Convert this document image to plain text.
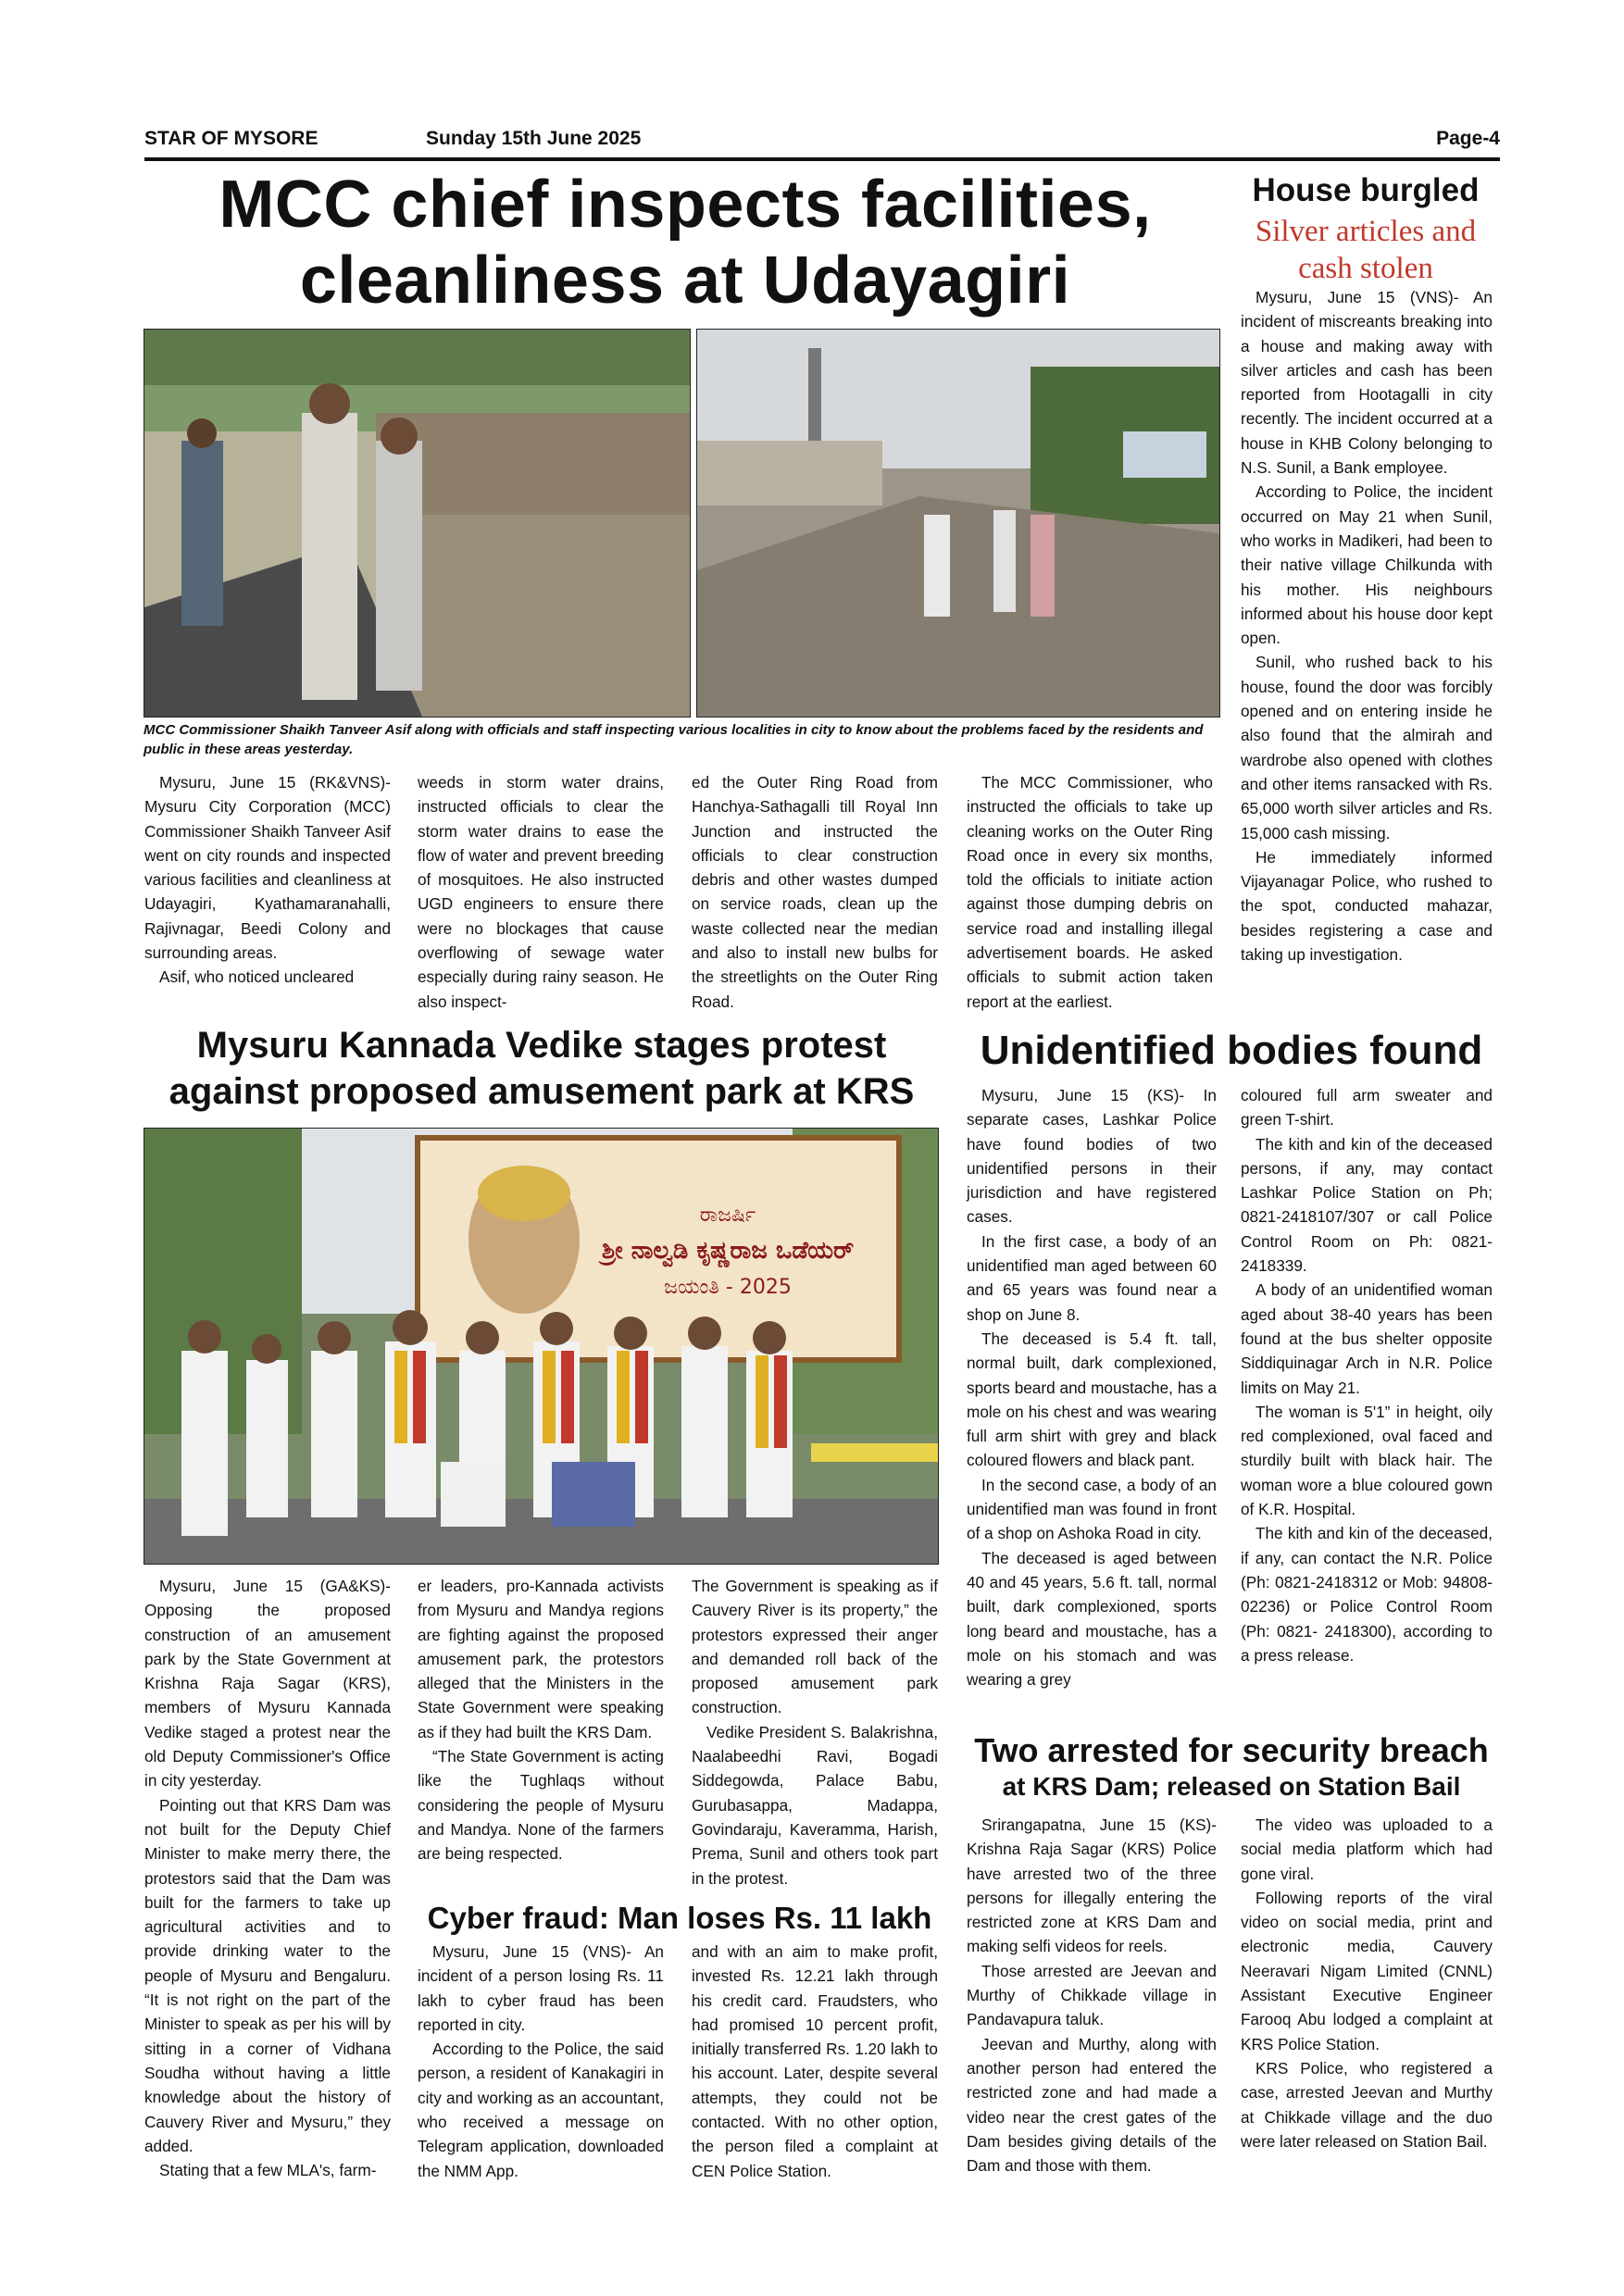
STAR OF MYSORE	Sunday 15th June 2025	Page-4
MCC chief inspects facilities,
cleanliness at Udayagiri
MCC Commissioner Shaikh Tanveer Asif along with officials and staff inspecting various localities in city to know about the problems faced by the residents and public in these areas yesterday.

Mysuru, June 15 (RK&VNS)- Mysuru City Corporation (MCC) Commissioner Shaikh Tanveer Asif went on city rounds and inspected various facilities and cleanliness at Udayagiri, Kyathamaranahalli, Rajivnagar, Beedi Colony and surrounding areas.

Asif, who noticed uncleared

weeds in storm water drains, instructed officials to clear the storm water drains to ease the flow of water and prevent breeding of mosquitoes. He also instructed UGD engineers to ensure there were no blockages that cause overflowing of sewage water especially during rainy season. He also inspect-

ed the Outer Ring Road from Hanchya-Sathagalli till Royal Inn Junction and instructed the officials to clear construction debris and other wastes dumped on service roads, clean up the waste collected near the median and also to install new bulbs for the streetlights on the Outer Ring Road.

The MCC Commissioner, who instructed the officials to take up cleaning works on the Outer Ring Road once in every six months, told the officials to initiate action against those dumping debris on service road and installing illegal advertisement boards. He asked officials to submit action taken report at the earliest.

House burgled
Silver articles and cash stolen

Mysuru, June 15 (VNS)- An incident of miscreants breaking into a house and making away with silver articles and cash has been reported from Hootagalli in city recently. The incident occurred at a house in KHB Colony belonging to N.S. Sunil, a Bank employee.

According to Police, the incident occurred on May 21 when Sunil, who works in Madikeri, had been to their native village Chilkunda with his mother. His neighbours informed about his house door kept open.

Sunil, who rushed back to his house, found the door was forcibly opened and on entering inside he also found that the almirah and wardrobe also opened with clothes and other items ransacked with Rs. 65,000 worth silver articles and Rs. 15,000 cash missing.

He immediately informed Vijayanagar Police, who rushed to the spot, conducted mahazar, besides registering a case and taking up investigation.

Mysuru Kannada Vedike stages protest
against proposed amusement park at KRS
ರಾಜರ್ಷಿ
ಶ್ರೀ ನಾಲ್ವಡಿ ಕೃಷ್ಣರಾಜ ಒಡೆಯರ್
ಜಯಂತಿ - 2025

Mysuru, June 15 (GA&KS)- Opposing the proposed construction of an amusement park by the State Government at Krishna Raja Sagar (KRS), members of Mysuru Kannada Vedike staged a protest near the old Deputy Commissioner's Office in city yesterday.

Pointing out that KRS Dam was not built for the Deputy Chief Minister to make merry there, the protestors said that the Dam was built for the farmers to take up agricultural activities and to provide drinking water to the people of Mysuru and Bengaluru. “It is not right on the part of the Minister to speak as per his will by sitting in a corner of Vidhana Soudha without having a little knowledge about the history of Cauvery River and Mysuru,” they added.

Stating that a few MLA's, farm-

er leaders, pro-Kannada activists from Mysuru and Mandya regions are fighting against the proposed amusement park, the protestors alleged that the Ministers in the State Government were speaking as if they had built the KRS Dam.

“The State Government is acting like the Tughlaqs without considering the people of Mysuru and Mandya. None of the farmers are being respected.

The Government is speaking as if Cauvery River is its property,” the protestors expressed their anger and demanded roll back of the proposed amusement park construction.

Vedike President S. Balakrishna, Naalabeedhi Ravi, Bogadi Siddegowda, Palace Babu, Gurubasappa, Madappa, Govindaraju, Kaveramma, Harish, Prema, Sunil and others took part in the protest.

Cyber fraud: Man loses Rs. 11 lakh

Mysuru, June 15 (VNS)- An incident of a person losing Rs. 11 lakh to cyber fraud has been reported in city.

According to the Police, the said person, a resident of Kanakagiri in city and working as an accountant, who received a message on Telegram application, downloaded the NMM App.

and with an aim to make profit, invested Rs. 12.21 lakh through his credit card. Fraudsters, who had promised 10 percent profit, initially transferred Rs. 1.20 lakh to his account. Later, despite several attempts, they could not be contacted. With no other option, the person filed a complaint at CEN Police Station.

Unidentified bodies found

Mysuru, June 15 (KS)- In separate cases, Lashkar Police have found bodies of two unidentified persons in their jurisdiction and have registered cases.

In the first case, a body of an unidentified man aged between 60 and 65 years was found near a shop on June 8.

The deceased is 5.4 ft. tall, normal built, dark complexioned, sports beard and moustache, has a mole on his chest and was wearing full arm shirt with grey and black coloured flowers and black pant.

In the second case, a body of an unidentified man was found in front of a shop on Ashoka Road in city.

The deceased is aged between 40 and 45 years, 5.6 ft. tall, normal built, dark complexioned, sports long beard and moustache, has a mole on his stomach and was wearing a grey

coloured full arm sweater and green T-shirt.

The kith and kin of the deceased persons, if any, may contact Lashkar Police Station on Ph; 0821-2418107/307 or call Police Control Room on Ph: 0821-2418339.

A body of an unidentified woman aged about 38-40 years has been found at the bus shelter opposite Siddiquinagar Arch in N.R. Police limits on May 21.

The woman is 5'1” in height, oily red complexioned, oval faced and sturdily built with black hair. The woman wore a blue coloured gown of K.R. Hospital.

The kith and kin of the deceased, if any, can contact the N.R. Police (Ph: 0821-2418312 or Mob: 94808-02236) or Police Control Room (Ph: 0821- 2418300), according to a press release.

Two arrested for security breach
at KRS Dam; released on Station Bail

Srirangapatna, June 15 (KS)- Krishna Raja Sagar (KRS) Police have arrested two of the three persons for illegally entering the restricted zone at KRS Dam and making selfi videos for reels.

Those arrested are Jeevan and Murthy of Chikkade village in Pandavapura taluk.

Jeevan and Murthy, along with another person had entered the restricted zone and had made a video near the crest gates of the Dam besides giving details of the Dam and those with them.

The video was uploaded to a social media platform which had gone viral.

Following reports of the viral video on social media, print and electronic media, Cauvery Neeravari Nigam Limited (CNNL) Assistant Executive Engineer Farooq Abu lodged a complaint at KRS Police Station.

KRS Police, who registered a case, arrested Jeevan and Murthy at Chikkade village and the duo were later released on Station Bail.
